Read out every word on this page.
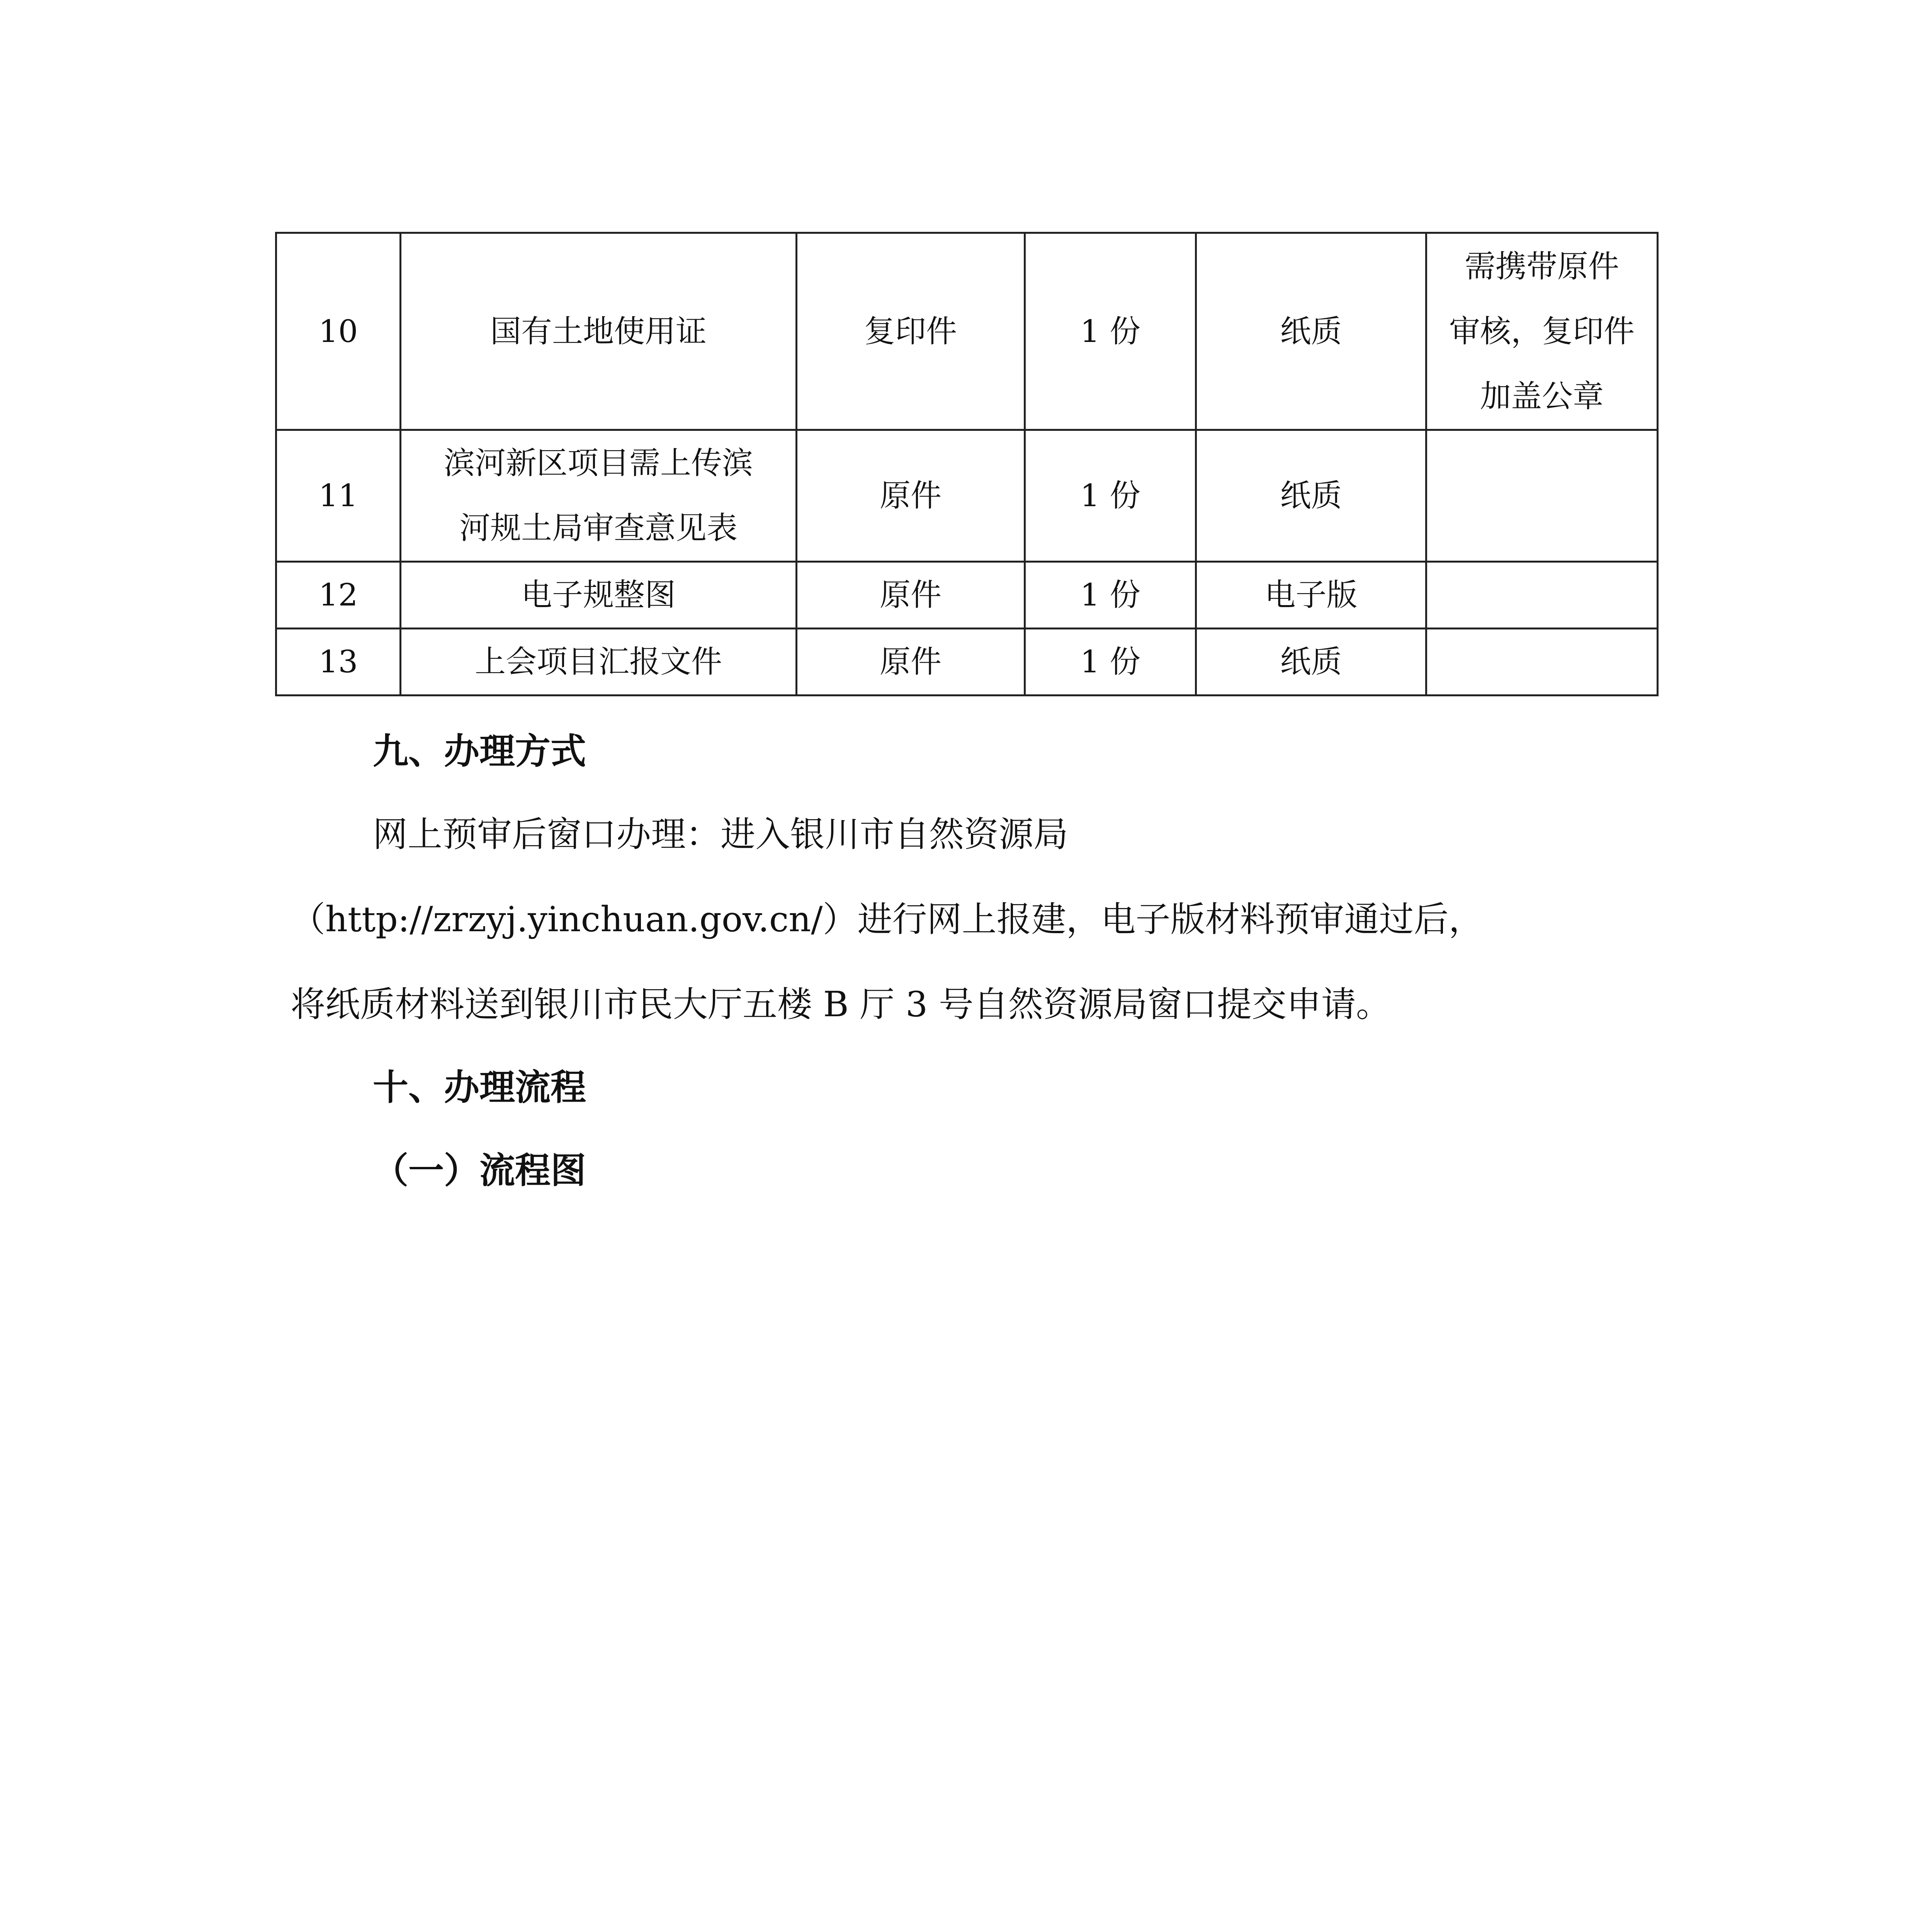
10	国有土地使用证	复印件	1 份	纸质	需携带原件
审核，复印件
加盖公章
11	滨河新区项目需上传滨
河规土局审查意见表	原件	1 份	纸质	
12	电子规整图	原件	1 份	电子版	
13	上会项目汇报文件	原件	1 份	纸质	
九、办理方式
网上预审后窗口办理：进入银川市自然资源局
（http://zrzyj.yinchuan.gov.cn/）进行网上报建，电子版材料预审通过后，
将纸质材料送到银川市民大厅五楼 B 厅 3 号自然资源局窗口提交申请。
十、办理流程
（一）流程图
